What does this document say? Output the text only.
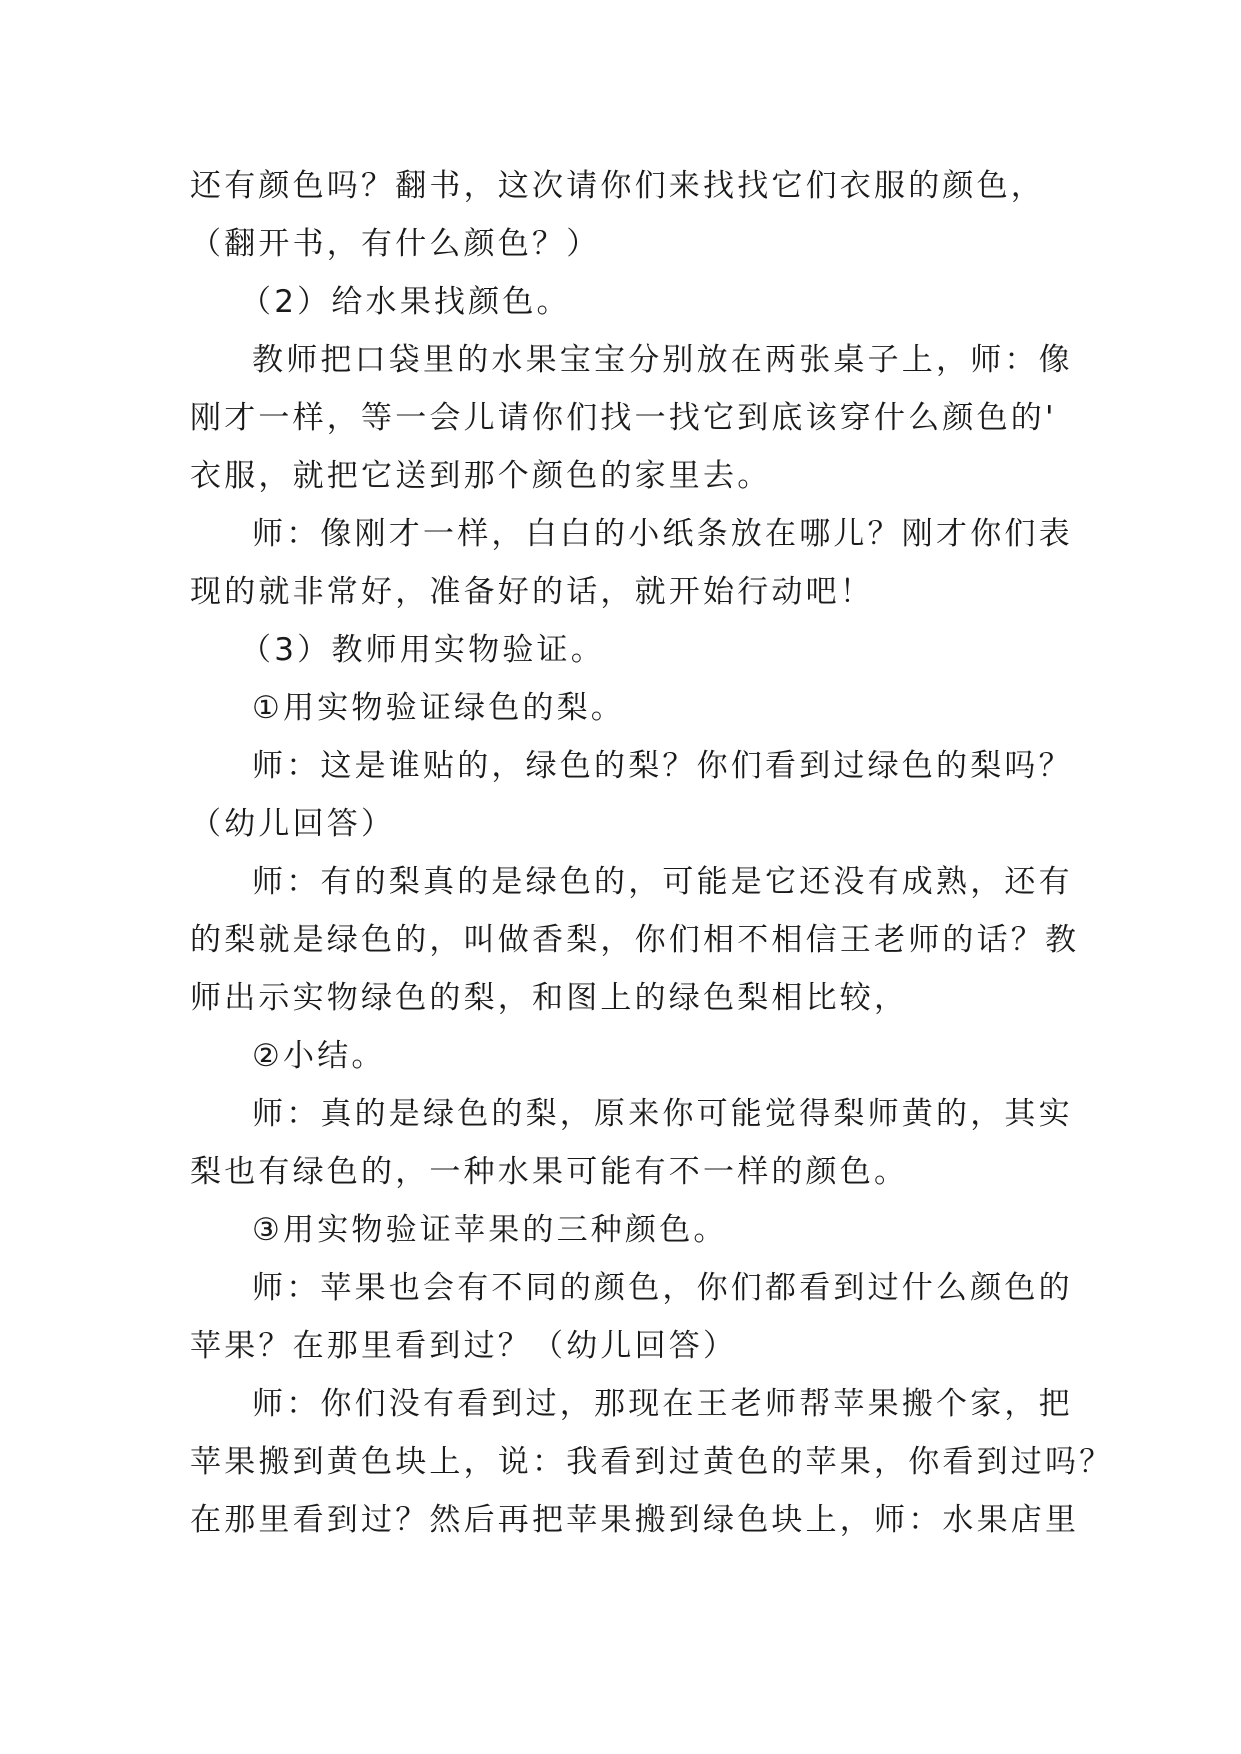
还有颜色吗？翻书，这次请你们来找找它们衣服的颜色，

（翻开书，有什么颜色？）

（2）给水果找颜色。

教师把口袋里的水果宝宝分别放在两张桌子上，师：像

刚才一样，等一会儿请你们找一找它到底该穿什么颜色的'

衣服，就把它送到那个颜色的家里去。

师：像刚才一样，白白的小纸条放在哪儿？刚才你们表

现的就非常好，准备好的话，就开始行动吧！

（3）教师用实物验证。

①用实物验证绿色的梨。

师：这是谁贴的，绿色的梨？你们看到过绿色的梨吗？

（幼儿回答）

师：有的梨真的是绿色的，可能是它还没有成熟，还有

的梨就是绿色的，叫做香梨，你们相不相信王老师的话？教

师出示实物绿色的梨，和图上的绿色梨相比较，

②小结。

师：真的是绿色的梨，原来你可能觉得梨师黄的，其实

梨也有绿色的，一种水果可能有不一样的颜色。

③用实物验证苹果的三种颜色。

师：苹果也会有不同的颜色，你们都看到过什么颜色的

苹果？在那里看到过？（幼儿回答）

师：你们没有看到过，那现在王老师帮苹果搬个家，把

苹果搬到黄色块上，说：我看到过黄色的苹果，你看到过吗？

在那里看到过？然后再把苹果搬到绿色块上，师：水果店里
